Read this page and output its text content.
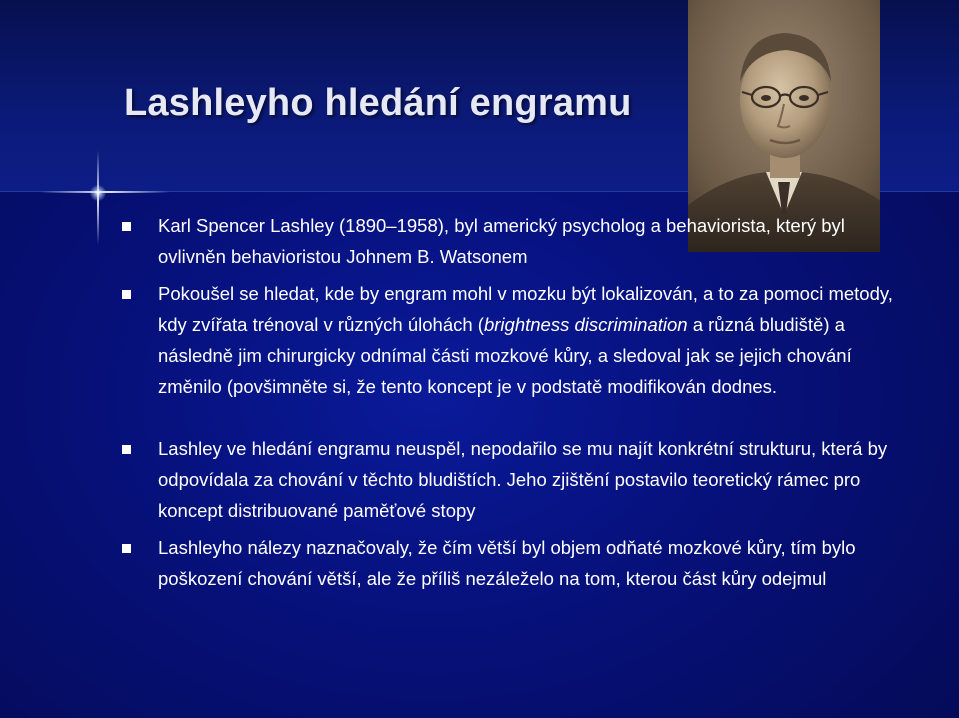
Lashleyho hledání engramu
Karl Spencer Lashley (1890–1958), byl americký psycholog a behaviorista, který byl ovlivněn behavioristou Johnem B. Watsonem
Pokoušel se hledat, kde by engram mohl v mozku být lokalizován, a to za pomoci metody, kdy zvířata trénoval v různých úlohách (brightness discrimination a různá bludiště) a následně jim chirurgicky odnímal části mozkové kůry, a sledoval jak se jejich chování změnilo (povšimněte si, že tento koncept je v podstatě modifikován dodnes.
Lashley ve hledání engramu neuspěl, nepodařilo se mu najít konkrétní strukturu, která by odpovídala za chování v těchto bludištích. Jeho zjištění postavilo teoretický rámec pro koncept distribuované paměťové stopy
Lashleyho nálezy naznačovaly, že čím větší byl objem odňaté mozkové kůry, tím bylo poškození chování větší, ale že příliš nezáleželo na tom, kterou část kůry odejmul
